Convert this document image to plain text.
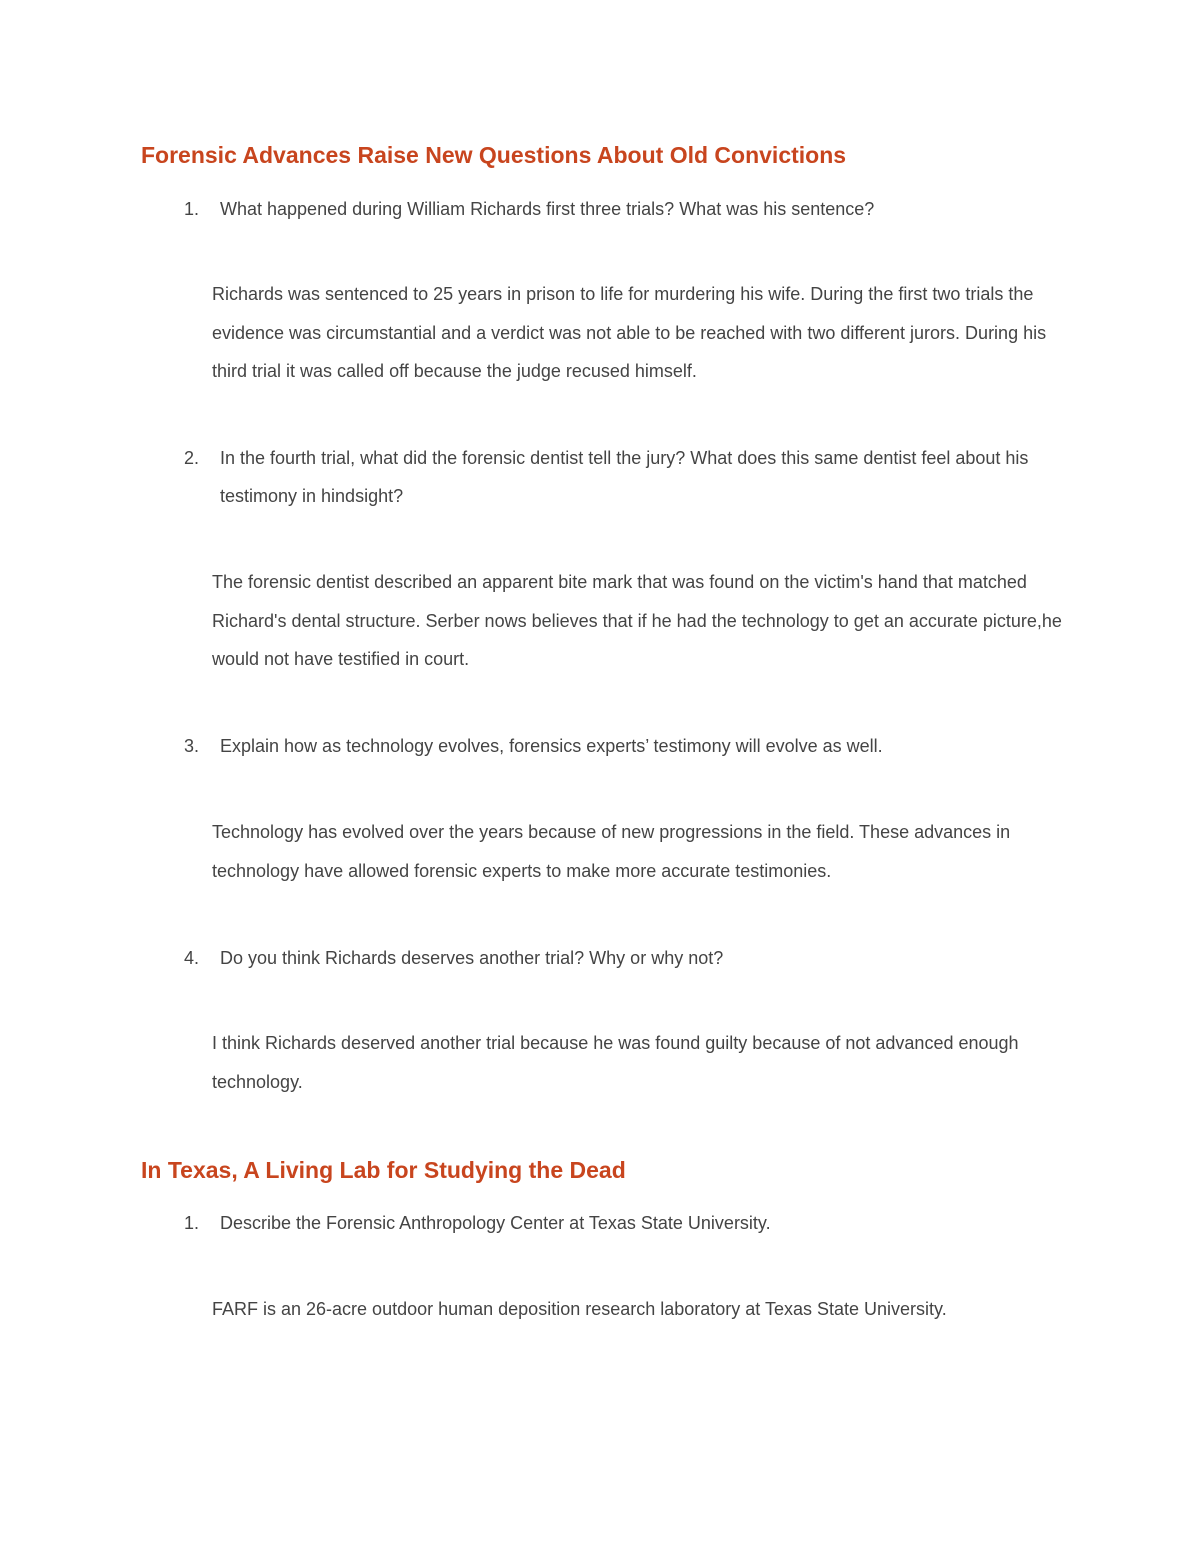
Forensic Advances Raise New Questions About Old Convictions
1. What happened during William Richards first three trials? What was his sentence?
Richards was sentenced to 25 years in prison to life for murdering his wife. During the first two trials the evidence was circumstantial and a verdict was not able to be reached with two different jurors. During his third trial it was called off because the judge recused himself.
2. In the fourth trial, what did the forensic dentist tell the jury? What does this same dentist feel about his testimony in hindsight?
The forensic dentist described an apparent bite mark that was found on the victim's hand that matched Richard's dental structure. Serber nows believes that if he had the technology to get an accurate picture,he would not have testified in court.
3. Explain how as technology evolves, forensics experts’ testimony will evolve as well.
Technology has evolved over the years because of new progressions in the field. These advances in technology have allowed forensic experts to make more accurate testimonies.
4. Do you think Richards deserves another trial? Why or why not?
I think Richards deserved another trial because he was found guilty because of not advanced enough technology.
In Texas, A Living Lab for Studying the Dead
1. Describe the Forensic Anthropology Center at Texas State University.
FARF is an 26-acre outdoor human deposition research laboratory at Texas State University.
